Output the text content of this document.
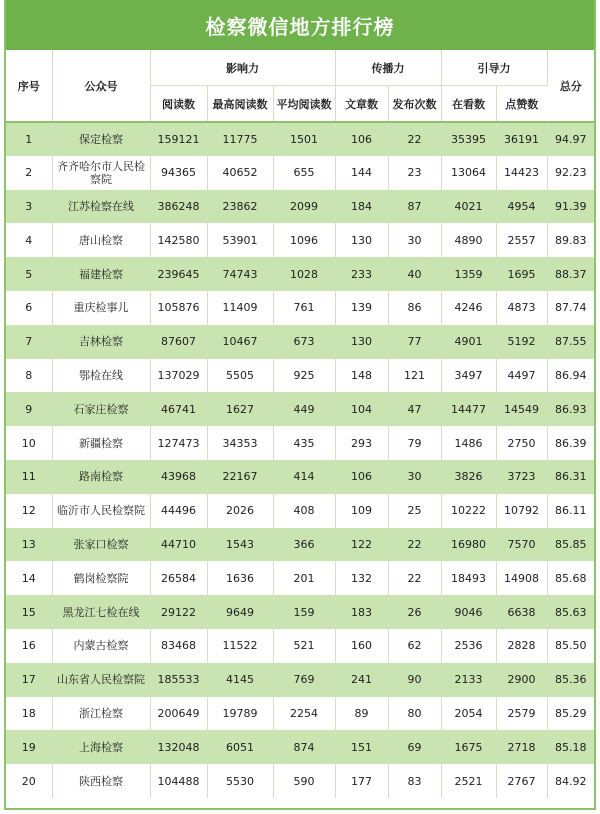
检察微信地方排行榜
序号	公众号	影响力			传播力		引导力		总分
		阅读数	最高阅读数	平均阅读数	文章数	发布次数	在看数	点赞数	
1	保定检察	159121	11775	1501	106	22	35395	36191	94.97
2	齐齐哈尔市人民检察院	94365	40652	655	144	23	13064	14423	92.23
3	江苏检察在线	386248	23862	2099	184	87	4021	4954	91.39
4	唐山检察	142580	53901	1096	130	30	4890	2557	89.83
5	福建检察	239645	74743	1028	233	40	1359	1695	88.37
6	重庆检事儿	105876	11409	761	139	86	4246	4873	87.74
7	吉林检察	87607	10467	673	130	77	4901	5192	87.55
8	鄂检在线	137029	5505	925	148	121	3497	4497	86.94
9	石家庄检察	46741	1627	449	104	47	14477	14549	86.93
10	新疆检察	127473	34353	435	293	79	1486	2750	86.39
11	路南检察	43968	22167	414	106	30	3826	3723	86.31
12	临沂市人民检察院	44496	2026	408	109	25	10222	10792	86.11
13	张家口检察	44710	1543	366	122	22	16980	7570	85.85
14	鹤岗检察院	26584	1636	201	132	22	18493	14908	85.68
15	黑龙江七检在线	29122	9649	159	183	26	9046	6638	85.63
16	内蒙古检察	83468	11522	521	160	62	2536	2828	85.50
17	山东省人民检察院	185533	4145	769	241	90	2133	2900	85.36
18	浙江检察	200649	19789	2254	89	80	2054	2579	85.29
19	上海检察	132048	6051	874	151	69	1675	2718	85.18
20	陕西检察	104488	5530	590	177	83	2521	2767	84.92
